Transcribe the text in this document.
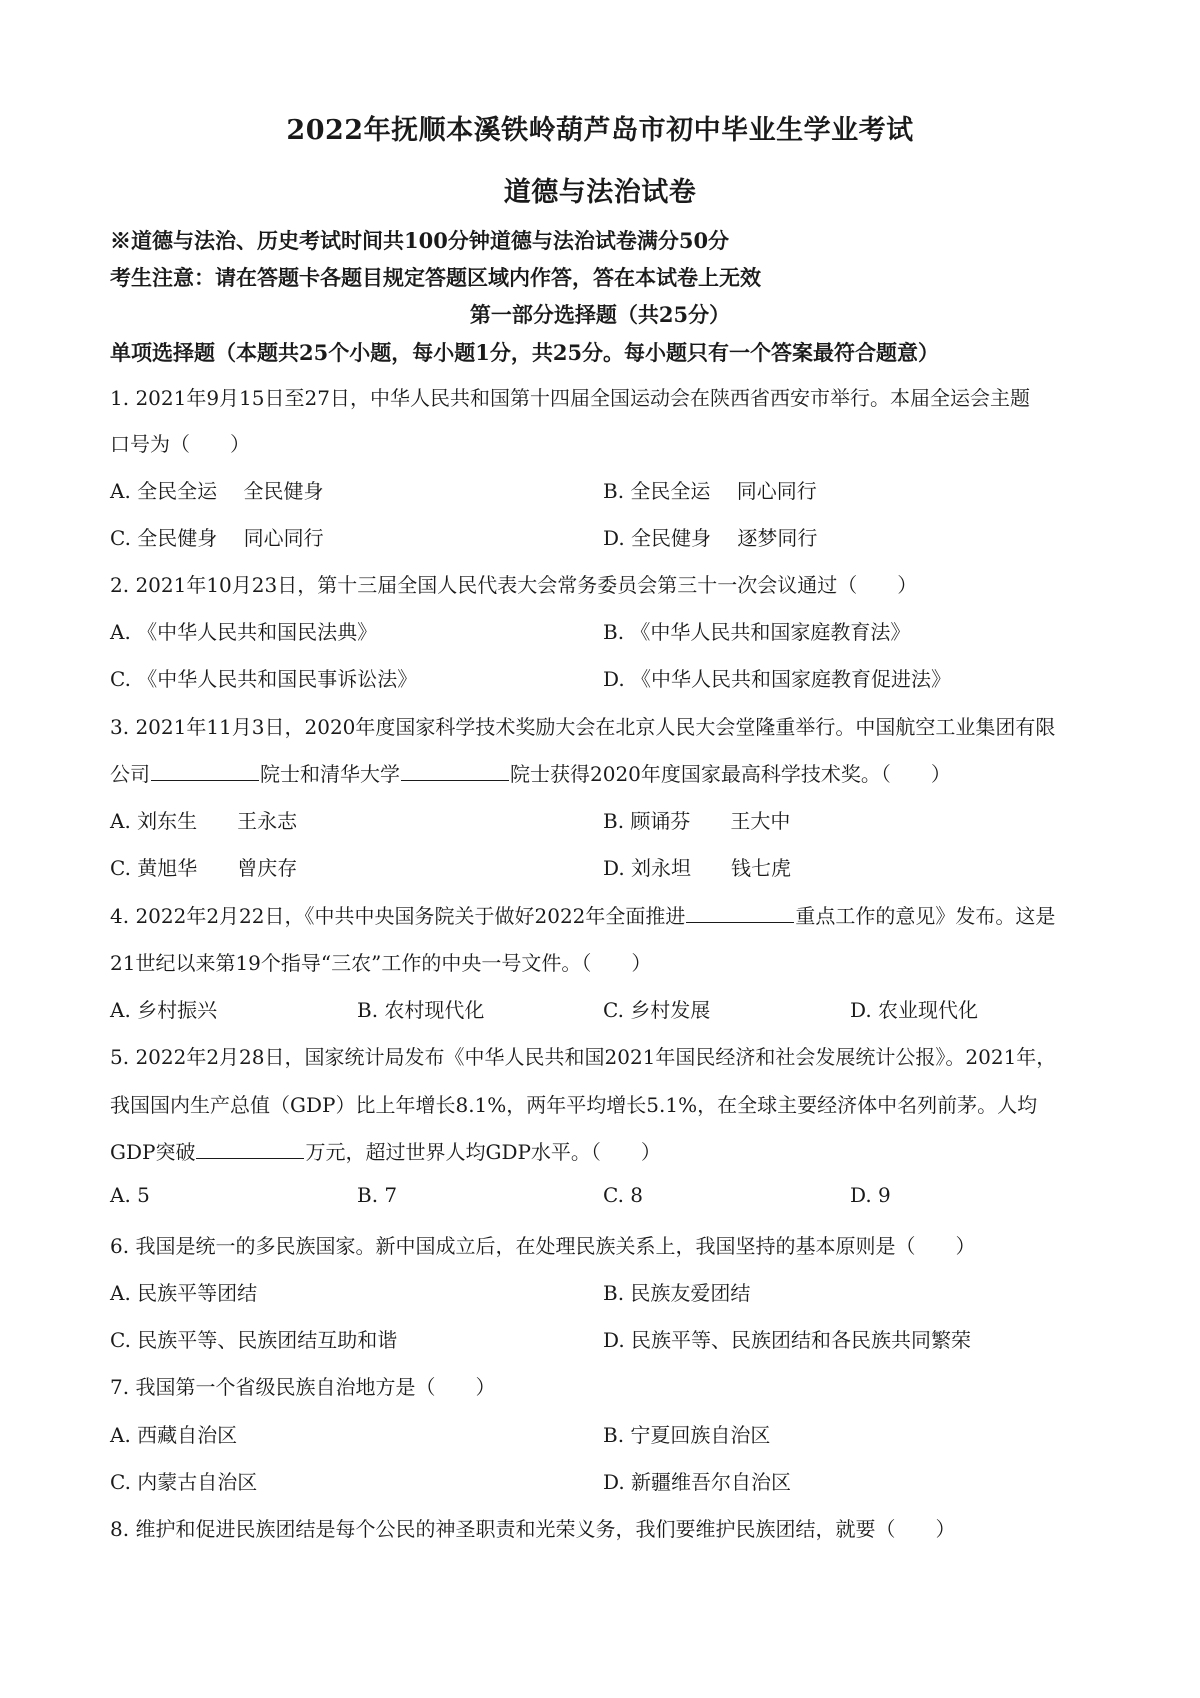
2022年抚顺本溪铁岭葫芦岛市初中毕业生学业考试
道德与法治试卷
※道德与法治、历史考试时间共100分钟道德与法治试卷满分50分
考生注意：请在答题卡各题目规定答题区域内作答，答在本试卷上无效
第一部分选择题（共25分）
单项选择题（本题共25个小题，每小题1分，共25分。每小题只有一个答案最符合题意）
1. 2021年9月15日至27日，中华人民共和国第十四届全国运动会在陕西省西安市举行。本届全运会主题
口号为（　　）
A. 全民全运　 全民健身	B. 全民全运　 同心同行
C. 全民健身　 同心同行	D. 全民健身　 逐梦同行
2. 2021年10月23日，第十三届全国人民代表大会常务委员会第三十一次会议通过（　　）
A. 《中华人民共和国民法典》	B. 《中华人民共和国家庭教育法》
C. 《中华人民共和国民事诉讼法》	D. 《中华人民共和国家庭教育促进法》
3. 2021年11月3日，2020年度国家科学技术奖励大会在北京人民大会堂隆重举行。中国航空工业集团有限
公司	院士和清华大学	院士获得2020年度国家最高科学技术奖。（　　）
A. 刘东生　　王永志	B. 顾诵芬　　王大中
C. 黄旭华　　曾庆存	D. 刘永坦　　钱七虎
4. 2022年2月22日，《中共中央国务院关于做好2022年全面推进	重点工作的意见》发布。这是
21世纪以来第19个指导“三农”工作的中央一号文件。（　　）
A. 乡村振兴	B. 农村现代化	C. 乡村发展	D. 农业现代化
5. 2022年2月28日，国家统计局发布《中华人民共和国2021年国民经济和社会发展统计公报》。2021年，
我国国内生产总值（GDP）比上年增长8.1%，两年平均增长5.1%，在全球主要经济体中名列前茅。人均
GDP突破	万元，超过世界人均GDP水平。（　　）
A. 5	B. 7	C. 8	D. 9
6. 我国是统一的多民族国家。新中国成立后，在处理民族关系上，我国坚持的基本原则是（　　）
A. 民族平等团结	B. 民族友爱团结
C. 民族平等、民族团结互助和谐	D. 民族平等、民族团结和各民族共同繁荣
7. 我国第一个省级民族自治地方是（　　）
A. 西藏自治区	B. 宁夏回族自治区
C. 内蒙古自治区	D. 新疆维吾尔自治区
8. 维护和促进民族团结是每个公民的神圣职责和光荣义务，我们要维护民族团结，就要（　　）
